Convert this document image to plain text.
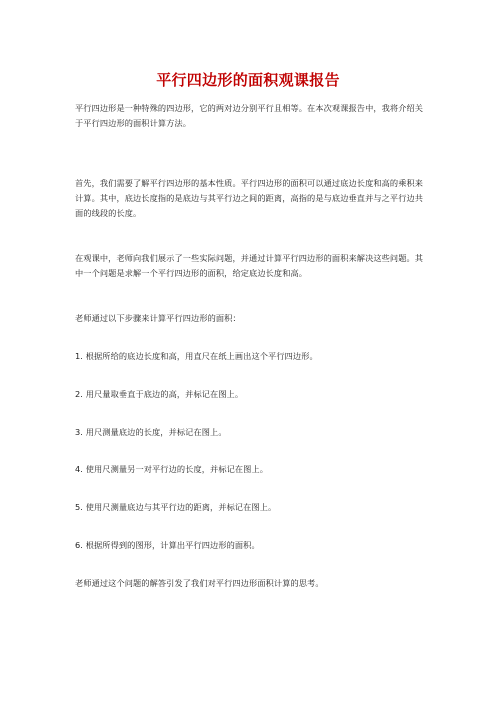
平行四边形的面积观课报告

平行四边形是一种特殊的四边形，它的两对边分别平行且相等。在本次观课报告中，我将介绍关于平行四边形的面积计算方法。

首先，我们需要了解平行四边形的基本性质。平行四边形的面积可以通过底边长度和高的乘积来计算。其中，底边长度指的是底边与其平行边之间的距离，高指的是与底边垂直并与之平行边共面的线段的长度。

在观课中，老师向我们展示了一些实际问题，并通过计算平行四边形的面积来解决这些问题。其中一个问题是求解一个平行四边形的面积，给定底边长度和高。

老师通过以下步骤来计算平行四边形的面积：

1. 根据所给的底边长度和高，用直尺在纸上画出这个平行四边形。

2. 用尺量取垂直于底边的高，并标记在图上。

3. 用尺测量底边的长度，并标记在图上。

4. 使用尺测量另一对平行边的长度，并标记在图上。

5. 使用尺测量底边与其平行边的距离，并标记在图上。

6. 根据所得到的图形，计算出平行四边形的面积。

老师通过这个问题的解答引发了我们对平行四边形面积计算的思考。
